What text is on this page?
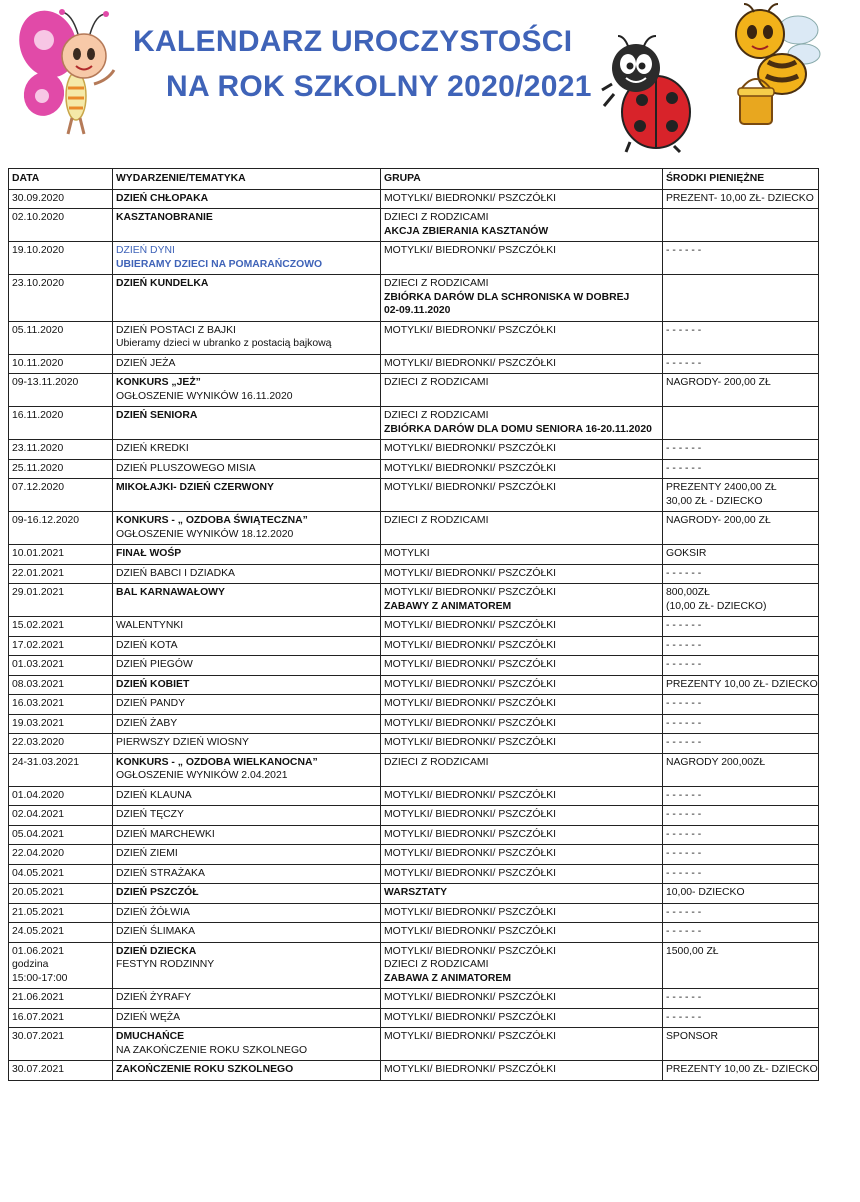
KALENDARZ UROCZYSTOŚCI
NA ROK SZKOLNY 2020/2021
DATA	WYDARZENIE/TEMATYKA	GRUPA	ŚRODKI PIENIĘŻNE

30.09.2020	DZIEŃ CHŁOPAKA	MOTYLKI/ BIEDRONKI/ PSZCZÓŁKI	PREZENT- 10,00 ZŁ- DZIECKO

02.10.2020	KASZTANOBRANIE	DZIECI Z RODZICAMI
AKCJA ZBIERANIA KASZTANÓW	

19.10.2020	DZIEŃ DYNI
UBIERAMY DZIECI NA POMARAŃCZOWO	MOTYLKI/ BIEDRONKI/ PSZCZÓŁKI	- - - - - -

23.10.2020	DZIEŃ KUNDELKA	DZIECI Z RODZICAMI
ZBIÓRKA DARÓW DLA SCHRONISKA W DOBREJ
02-09.11.2020	

05.11.2020	DZIEŃ POSTACI Z BAJKI
Ubieramy dzieci w ubranko z postacią bajkową	MOTYLKI/ BIEDRONKI/ PSZCZÓŁKI	- - - - - -

10.11.2020	DZIEŃ JEŻA	MOTYLKI/ BIEDRONKI/ PSZCZÓŁKI	- - - - - -

09-13.11.2020	KONKURS „JEŻ”
OGŁOSZENIE WYNIKÓW 16.11.2020	DZIECI Z RODZICAMI	NAGRODY- 200,00 ZŁ

16.11.2020	DZIEŃ SENIORA	DZIECI Z RODZICAMI
ZBIÓRKA DARÓW DLA DOMU SENIORA 16-20.11.2020	

23.11.2020	DZIEŃ KREDKI	MOTYLKI/ BIEDRONKI/ PSZCZÓŁKI	- - - - - -

25.11.2020	DZIEŃ PLUSZOWEGO MISIA	MOTYLKI/ BIEDRONKI/ PSZCZÓŁKI	- - - - - -

07.12.2020	MIKOŁAJKI- DZIEŃ CZERWONY	MOTYLKI/ BIEDRONKI/ PSZCZÓŁKI	PREZENTY 2400,00 ZŁ
30,00 ZŁ - DZIECKO

09-16.12.2020	KONKURS - „ OZDOBA ŚWIĄTECZNA”
OGŁOSZENIE WYNIKÓW 18.12.2020	DZIECI Z RODZICAMI	NAGRODY- 200,00 ZŁ

10.01.2021	FINAŁ WOŚP	MOTYLKI	GOKSIR

22.01.2021	DZIEŃ BABCI I DZIADKA	MOTYLKI/ BIEDRONKI/ PSZCZÓŁKI	- - - - - -

29.01.2021	BAL KARNAWAŁOWY	MOTYLKI/ BIEDRONKI/ PSZCZÓŁKI
ZABAWY Z ANIMATOREM	800,00ZŁ
(10,00 ZŁ- DZIECKO)

15.02.2021	WALENTYNKI	MOTYLKI/ BIEDRONKI/ PSZCZÓŁKI	- - - - - -

17.02.2021	DZIEŃ KOTA	MOTYLKI/ BIEDRONKI/ PSZCZÓŁKI	- - - - - -

01.03.2021	DZIEŃ PIEGÓW	MOTYLKI/ BIEDRONKI/ PSZCZÓŁKI	- - - - - -

08.03.2021	DZIEŃ KOBIET	MOTYLKI/ BIEDRONKI/ PSZCZÓŁKI	PREZENTY 10,00 ZŁ- DZIECKO

16.03.2021	DZIEŃ PANDY	MOTYLKI/ BIEDRONKI/ PSZCZÓŁKI	- - - - - -

19.03.2021	DZIEŃ ŻABY	MOTYLKI/ BIEDRONKI/ PSZCZÓŁKI	- - - - - -

22.03.2020	PIERWSZY DZIEŃ WIOSNY	MOTYLKI/ BIEDRONKI/ PSZCZÓŁKI	- - - - - -

24-31.03.2021	KONKURS - „ OZDOBA WIELKANOCNA”
OGŁOSZENIE WYNIKÓW 2.04.2021	DZIECI Z RODZICAMI	NAGRODY 200,00ZŁ

01.04.2020	DZIEŃ KLAUNA	MOTYLKI/ BIEDRONKI/ PSZCZÓŁKI	- - - - - -

02.04.2021	DZIEŃ TĘCZY	MOTYLKI/ BIEDRONKI/ PSZCZÓŁKI	- - - - - -

05.04.2021	DZIEŃ MARCHEWKI	MOTYLKI/ BIEDRONKI/ PSZCZÓŁKI	- - - - - -

22.04.2020	DZIEŃ ZIEMI	MOTYLKI/ BIEDRONKI/ PSZCZÓŁKI	- - - - - -

04.05.2021	DZIEŃ STRAŻAKA	MOTYLKI/ BIEDRONKI/ PSZCZÓŁKI	- - - - - -

20.05.2021	DZIEŃ PSZCZÓŁ	WARSZTATY	10,00- DZIECKO

21.05.2021	DZIEŃ ŻÓŁWIA	MOTYLKI/ BIEDRONKI/ PSZCZÓŁKI	- - - - - -

24.05.2021	DZIEŃ ŚLIMAKA	MOTYLKI/ BIEDRONKI/ PSZCZÓŁKI	- - - - - -

01.06.2021
godzina
15:00-17:00	DZIEŃ DZIECKA
FESTYN RODZINNY	MOTYLKI/ BIEDRONKI/ PSZCZÓŁKI
DZIECI Z RODZICAMI
ZABAWA Z ANIMATOREM	1500,00 ZŁ

21.06.2021	DZIEŃ ŻYRAFY	MOTYLKI/ BIEDRONKI/ PSZCZÓŁKI	- - - - - -

16.07.2021	DZIEŃ WĘŻA	MOTYLKI/ BIEDRONKI/ PSZCZÓŁKI	- - - - - -

30.07.2021	DMUCHAŃCE
NA ZAKOŃCZENIE ROKU SZKOLNEGO	MOTYLKI/ BIEDRONKI/ PSZCZÓŁKI	SPONSOR

30.07.2021	ZAKOŃCZENIE ROKU SZKOLNEGO	MOTYLKI/ BIEDRONKI/ PSZCZÓŁKI	PREZENTY 10,00 ZŁ- DZIECKO
